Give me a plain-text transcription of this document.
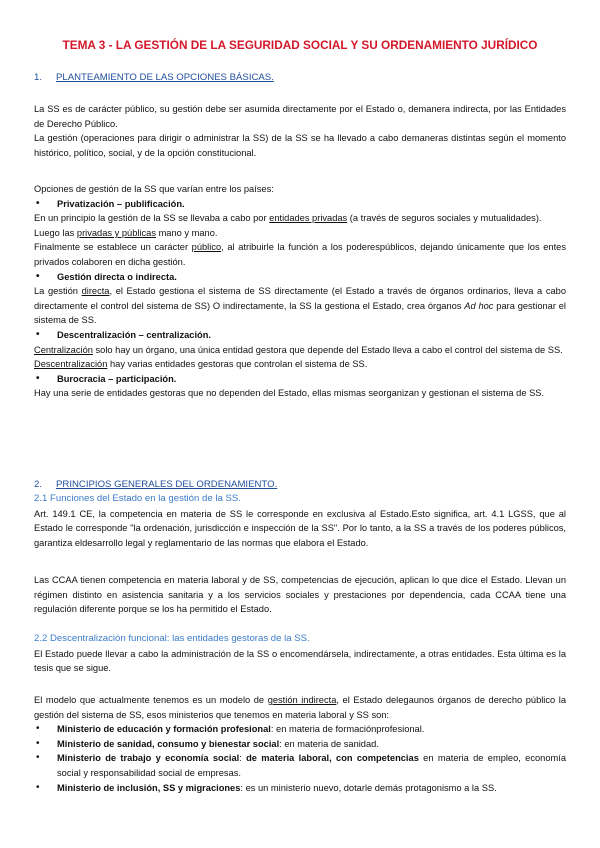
TEMA 3 - LA GESTIÓN DE LA SEGURIDAD SOCIAL Y SU ORDENAMIENTO JURÍDICO
1. PLANTEAMIENTO DE LAS OPCIONES BÁSICAS.

La SS es de carácter público, su gestión debe ser asumida directamente por el Estado o, demanera indirecta, por las Entidades de Derecho Público.

La gestión (operaciones para dirigir o administrar la SS) de la SS se ha llevado a cabo demaneras distintas según el momento histórico, político, social, y de la opción constitucional.

Opciones de gestión de la SS que varían entre los países:

• Privatización – publificación.

En un principio la gestión de la SS se llevaba a cabo por entidades privadas (a través de seguros sociales y mutualidades).

Luego las privadas y públicas mano y mano.

Finalmente se establece un carácter público, al atribuirle la función a los poderespúblicos, dejando únicamente que los entes privados colaboren en dicha gestión.

• Gestión directa o indirecta.

La gestión directa, el Estado gestiona el sistema de SS directamente (el Estado a través de órganos ordinarios, lleva a cabo directamente el control del sistema de SS) O indirectamente, la SS la gestiona el Estado, crea órganos Ad hoc para gestionar el sistema de SS.

• Descentralización – centralización.

Centralización solo hay un órgano, una única entidad gestora que depende del Estado lleva a cabo el control del sistema de SS.

Descentralización hay varias entidades gestoras que controlan el sistema de SS.

• Burocracia – participación.

Hay una serie de entidades gestoras que no dependen del Estado, ellas mismas seorganizan y gestionan el sistema de SS.

2. PRINCIPIOS GENERALES DEL ORDENAMIENTO.

2.1 Funciones del Estado en la gestión de la SS.

Art. 149.1 CE, la competencia en materia de SS le corresponde en exclusiva al Estado.Esto significa, art. 4.1 LGSS, que al Estado le corresponde "la ordenación, jurisdicción e inspección de la SS". Por lo tanto, a la SS a través de los poderes públicos, garantiza eldesarrollo legal y reglamentario de las normas que elabora el Estado.

Las CCAA tienen competencia en materia laboral y de SS, competencias de ejecución, aplican lo que dice el Estado. Llevan un régimen distinto en asistencia sanitaria y a los servicios sociales y prestaciones por dependencia, cada CCAA tiene una regulación diferente porque se los ha permitido el Estado.

2.2 Descentralización funcional: las entidades gestoras de la SS.

El Estado puede llevar a cabo la administración de la SS o encomendársela, indirectamente, a otras entidades. Esta última es la tesis que se sigue.

El modelo que actualmente tenemos es un modelo de gestión indirecta, el Estado delegaunos órganos de derecho público la gestión del sistema de SS, esos ministerios que tenemos en materia laboral y SS son:

• Ministerio de educación y formación profesional: en materia de formaciónprofesional.

• Ministerio de sanidad, consumo y bienestar social: en materia de sanidad.

• Ministerio de trabajo y economía social: de materia laboral, con competencias en materia de empleo, economía social y responsabilidad social de empresas.

• Ministerio de inclusión, SS y migraciones: es un ministerio nuevo, dotarle demás protagonismo a la SS.
